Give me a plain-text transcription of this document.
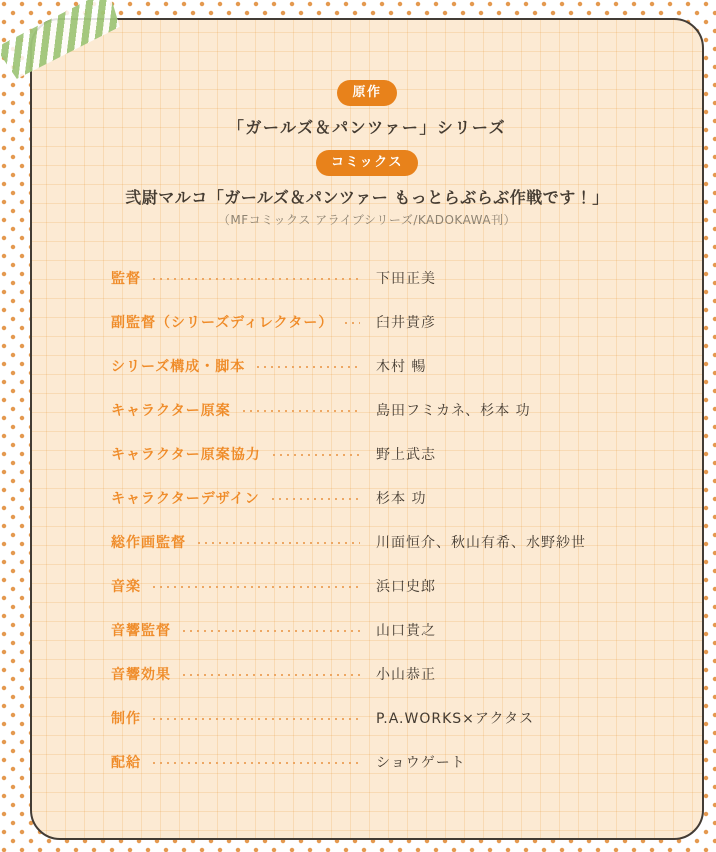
原作
「ガールズ＆パンツァー」シリーズ
コミックス
弐尉マルコ「ガールズ＆パンツァー もっとらぶらぶ作戦です！」

（MFコミックス アライブシリーズ/KADOKAWA刊）

監督	下田正美
副監督（シリーズディレクター）	臼井貴彦
シリーズ構成・脚本	木村 暢
キャラクター原案	島田フミカネ、杉本 功
キャラクター原案協力	野上武志
キャラクターデザイン	杉本 功
総作画監督	川面恒介、秋山有希、水野紗世
音楽	浜口史郎
音響監督	山口貴之
音響効果	小山恭正
制作	P.A.WORKS×アクタス
配給	ショウゲート
